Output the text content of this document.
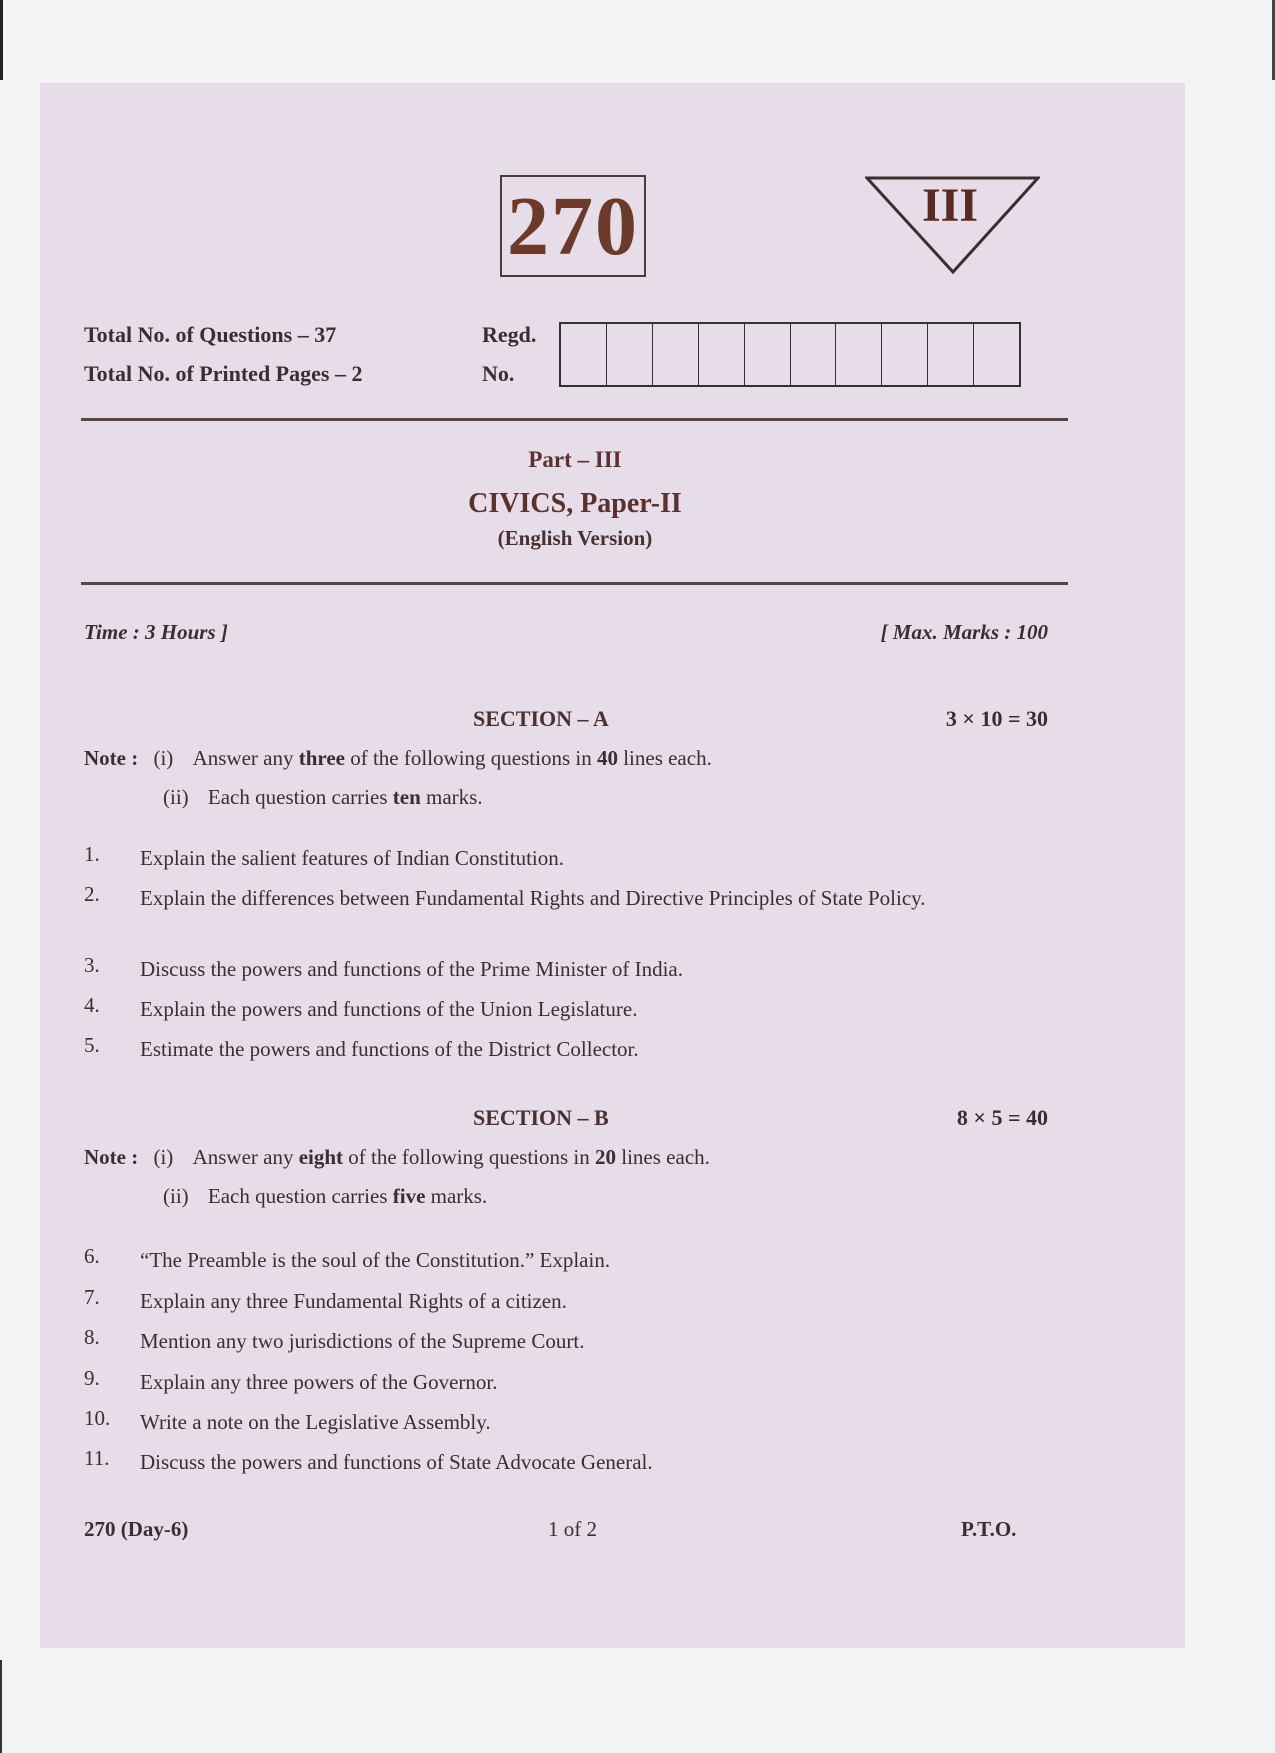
270	III
Total No. of Questions – 37
Total No. of Printed Pages – 2
Regd.
No.
Part – III
CIVICS, Paper-II
(English Version)
Time : 3 Hours ]	[ Max. Marks : 100
SECTION – A	3 × 10 = 30
Note : (i) Answer any three of the following questions in 40 lines each.
(ii) Each question carries ten marks.
1. Explain the salient features of Indian Constitution.
2. Explain the differences between Fundamental Rights and Directive Principles of State Policy.
3. Discuss the powers and functions of the Prime Minister of India.
4. Explain the powers and functions of the Union Legislature.
5. Estimate the powers and functions of the District Collector.
SECTION – B	8 × 5 = 40
Note : (i) Answer any eight of the following questions in 20 lines each.
(ii) Each question carries five marks.
6. “The Preamble is the soul of the Constitution.” Explain.
7. Explain any three Fundamental Rights of a citizen.
8. Mention any two jurisdictions of the Supreme Court.
9. Explain any three powers of the Governor.
10. Write a note on the Legislative Assembly.
11. Discuss the powers and functions of State Advocate General.
270 (Day-6)	1 of 2	P.T.O.
